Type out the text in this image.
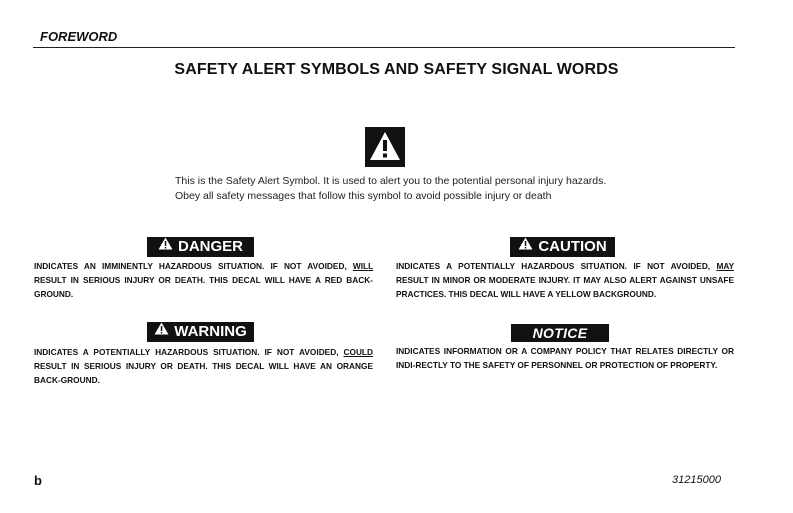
FOREWORD
SAFETY ALERT SYMBOLS AND SAFETY SIGNAL WORDS
This is the Safety Alert Symbol. It is used to alert you to the potential personal injury hazards. Obey all safety messages that follow this symbol to avoid possible injury or death
DANGER
INDICATES AN IMMINENTLY HAZARDOUS SITUATION. IF NOT AVOIDED, WILL RESULT IN SERIOUS INJURY OR DEATH. THIS DECAL WILL HAVE A RED BACK-GROUND.
CAUTION
INDICATES A POTENTIALLY HAZARDOUS SITUATION. IF NOT AVOIDED, MAY RESULT IN MINOR OR MODERATE INJURY. IT MAY ALSO ALERT AGAINST UNSAFE PRACTICES. THIS DECAL WILL HAVE A YELLOW BACKGROUND.
WARNING
INDICATES A POTENTIALLY HAZARDOUS SITUATION. IF NOT AVOIDED, COULD RESULT IN SERIOUS INJURY OR DEATH. THIS DECAL WILL HAVE AN ORANGE BACK-GROUND.
NOTICE
INDICATES INFORMATION OR A COMPANY POLICY THAT RELATES DIRECTLY OR INDI-RECTLY TO THE SAFETY OF PERSONNEL OR PROTECTION OF PROPERTY.
b	31215000
